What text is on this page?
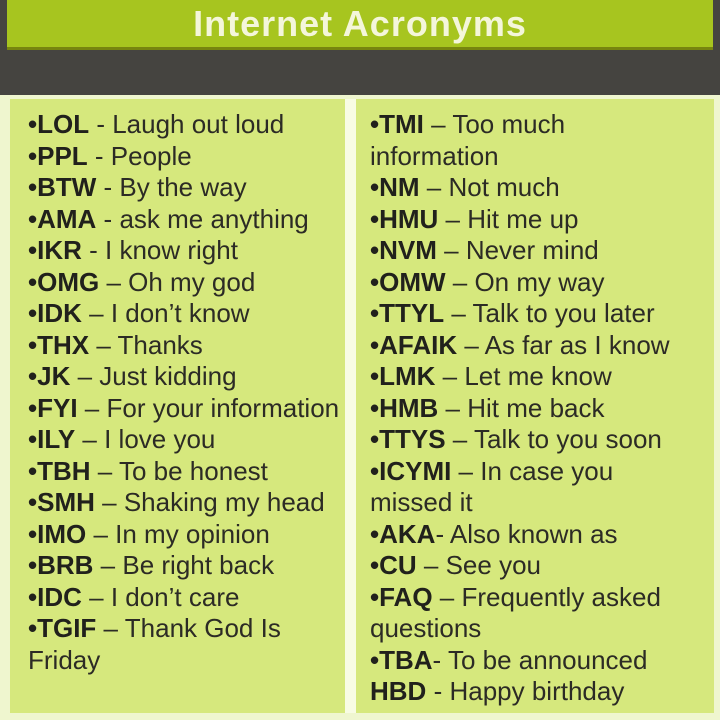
Internet Acronyms
•LOL - Laugh out loud
•PPL - People
•BTW - By the way
•AMA - ask me anything
•IKR - I know right
•OMG – Oh my god
•IDK – I don’t know
•THX – Thanks
•JK – Just kidding
•FYI – For your information
•ILY – I love you
•TBH – To be honest
•SMH – Shaking my head
•IMO – In my opinion
•BRB – Be right back
•IDC – I don’t care
•TGIF – Thank God Is Friday
•TMI – Too much information
•NM – Not much
•HMU – Hit me up
•NVM – Never mind
•OMW – On my way
•TTYL – Talk to you later
•AFAIK – As far as I know
•LMK – Let me know
•HMB – Hit me back
•TTYS – Talk to you soon
•ICYMI – In case you missed it
•AKA- Also known as
•CU – See you
•FAQ – Frequently asked questions
•TBA- To be announced
HBD - Happy birthday
